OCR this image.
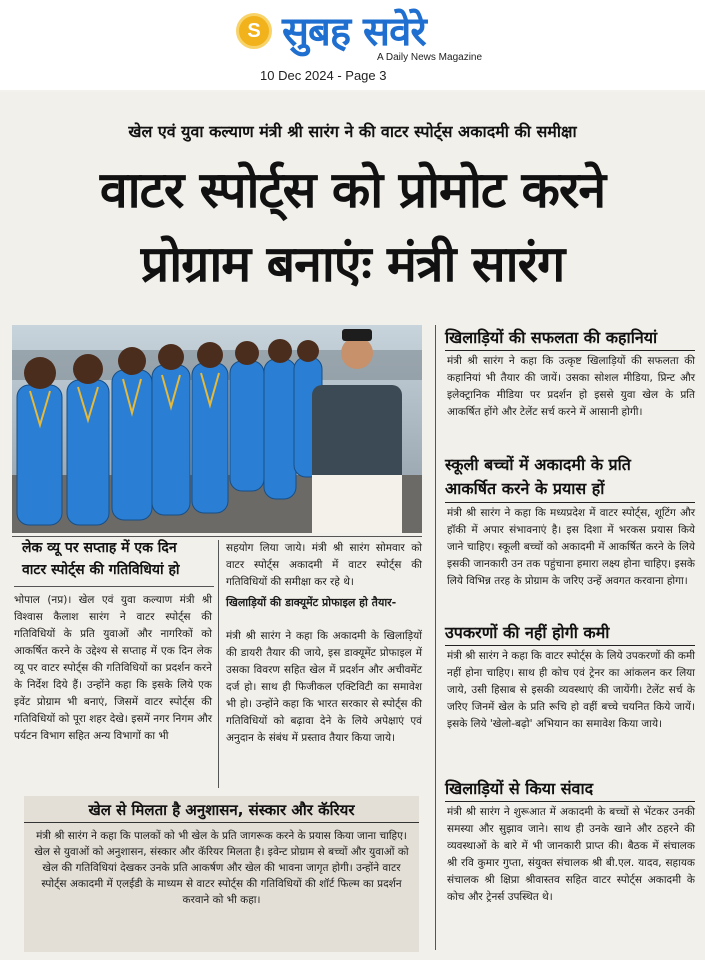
S सुबह सवेरे
A Daily News Magazine
10 Dec 2024 - Page 3
खेल एवं युवा कल्याण मंत्री श्री सारंग ने की वाटर स्पोर्ट्स अकादमी की समीक्षा
वाटर स्पोर्ट्स को प्रोमोट करने
प्रोग्राम बनाएंः मंत्री सारंग
लेक व्यू पर सप्ताह में एक दिन
वाटर स्पोर्ट्स की गतिविधियां हो
भोपाल (नप्र)। खेल एवं युवा कल्याण मंत्री श्री विश्वास कैलाश सारंग ने वाटर स्पोर्ट्स की गतिविधियों के प्रति युवाओं और नागरिकों को आकर्षित करने के उद्देश्य से सप्ताह में एक दिन लेक व्यू पर वाटर स्पोर्ट्स की गतिविधियों का प्रदर्शन करने के निर्देश दिये हैं। उन्होंने कहा कि इसके लिये एक इवेंट प्रोग्राम भी बनाएं, जिसमें वाटर स्पोर्ट्स की गतिविधियों को पूरा शहर देखे। इसमें नगर निगम और पर्यटन विभाग सहित अन्य विभागों का भी
सहयोग लिया जाये। मंत्री श्री सारंग सोमवार को वाटर स्पोर्ट्स अकादमी में वाटर स्पोर्ट्स की गतिविधियों की समीक्षा कर रहे थे।
खिलाड़ियों की डाक्यूमेंट प्रोफाइल हो तैयार-
मंत्री श्री सारंग ने कहा कि अकादमी के खिलाड़ियों की डायरी तैयार की जाये, इस डाक्यूमेंट प्रोफाइल में उसका विवरण सहित खेल में प्रदर्शन और अचीवमेंट दर्ज हो। साथ ही फिजीकल एक्टिविटी का समावेश भी हो। उन्होंने कहा कि भारत सरकार से स्पोर्ट्स की गतिविधियों को बढ़ावा देने के लिये अपेक्षाएं एवं अनुदान के संबंध में प्रस्ताव तैयार किया जाये।
खेल से मिलता है अनुशासन, संस्कार और कॅरियर
मंत्री श्री सारंग ने कहा कि पालकों को भी खेल के प्रति जागरूक करने के प्रयास किया जाना चाहिए। खेल से युवाओं को अनुशासन, संस्कार और कॅरियर मिलता है। इवेन्ट प्रोग्राम से बच्चों और युवाओं को खेल की गतिविधियां देखकर उनके प्रति आकर्षण और खेल की भावना जागृत होगी। उन्होंने वाटर स्पोर्ट्स अकादमी में एलईडी के माध्यम से वाटर स्पोर्ट्स की गतिविधियों की शॉर्ट फिल्म का प्रदर्शन करवाने को भी कहा।
खिलाड़ियों की सफलता की कहानियां
मंत्री श्री सारंग ने कहा कि उत्कृष्ट खिलाड़ियों की सफलता की कहानियां भी तैयार की जायें। उसका सोशल मीडिया, प्रिन्ट और इलेक्ट्रानिक मीडिया पर प्रदर्शन हो इससे युवा खेल के प्रति आकर्षित होंगे और टेलेंट सर्च करने में आसानी होगी।
स्कूली बच्चों में अकादमी के प्रति
आकर्षित करने के प्रयास हों
मंत्री श्री सारंग ने कहा कि मध्यप्रदेश में वाटर स्पोर्ट्स, शूटिंग और हॉकी में अपार संभावनाएं है। इस दिशा में भरकस प्रयास किये जाने चाहिए। स्कूली बच्चों को अकादमी में आकर्षित करने के लिये इसकी जानकारी उन तक पहुंचाना हमारा लक्ष्य होना चाहिए। इसके लिये विभिन्न तरह के प्रोग्राम के जरिए उन्हें अवगत करवाना होगा।
उपकरणों की नहीं होगी कमी
मंत्री श्री सारंग ने कहा कि वाटर स्पोर्ट्स के लिये उपकरणों की कमी नहीं होना चाहिए। साथ ही कोच एवं ट्रेनर का आंकलन कर लिया जाये, उसी हिसाब से इसकी व्यवस्थाएं की जायेंगी। टेलेंट सर्च के जरिए जिनमें खेल के प्रति रूचि हो वहीं बच्चे चयनित किये जायें। इसके लिये 'खेलो-बढ़ो' अभियान का समावेश किया जाये।
खिलाड़ियों से किया संवाद
मंत्री श्री सारंग ने शुरूआत में अकादमी के बच्चों से भेंटकर उनकी समस्या और सुझाव जाने। साथ ही उनके खाने और ठहरने की व्यवस्थाओं के बारे में भी जानकारी प्राप्त की। बैठक में संचालक श्री रवि कुमार गुप्ता, संयुक्त संचालक श्री बी.एल. यादव, सहायक संचालक श्री क्षिप्रा श्रीवास्तव सहित वाटर स्पोर्ट्स अकादमी के कोच और ट्रेनर्स उपस्थित थे।
